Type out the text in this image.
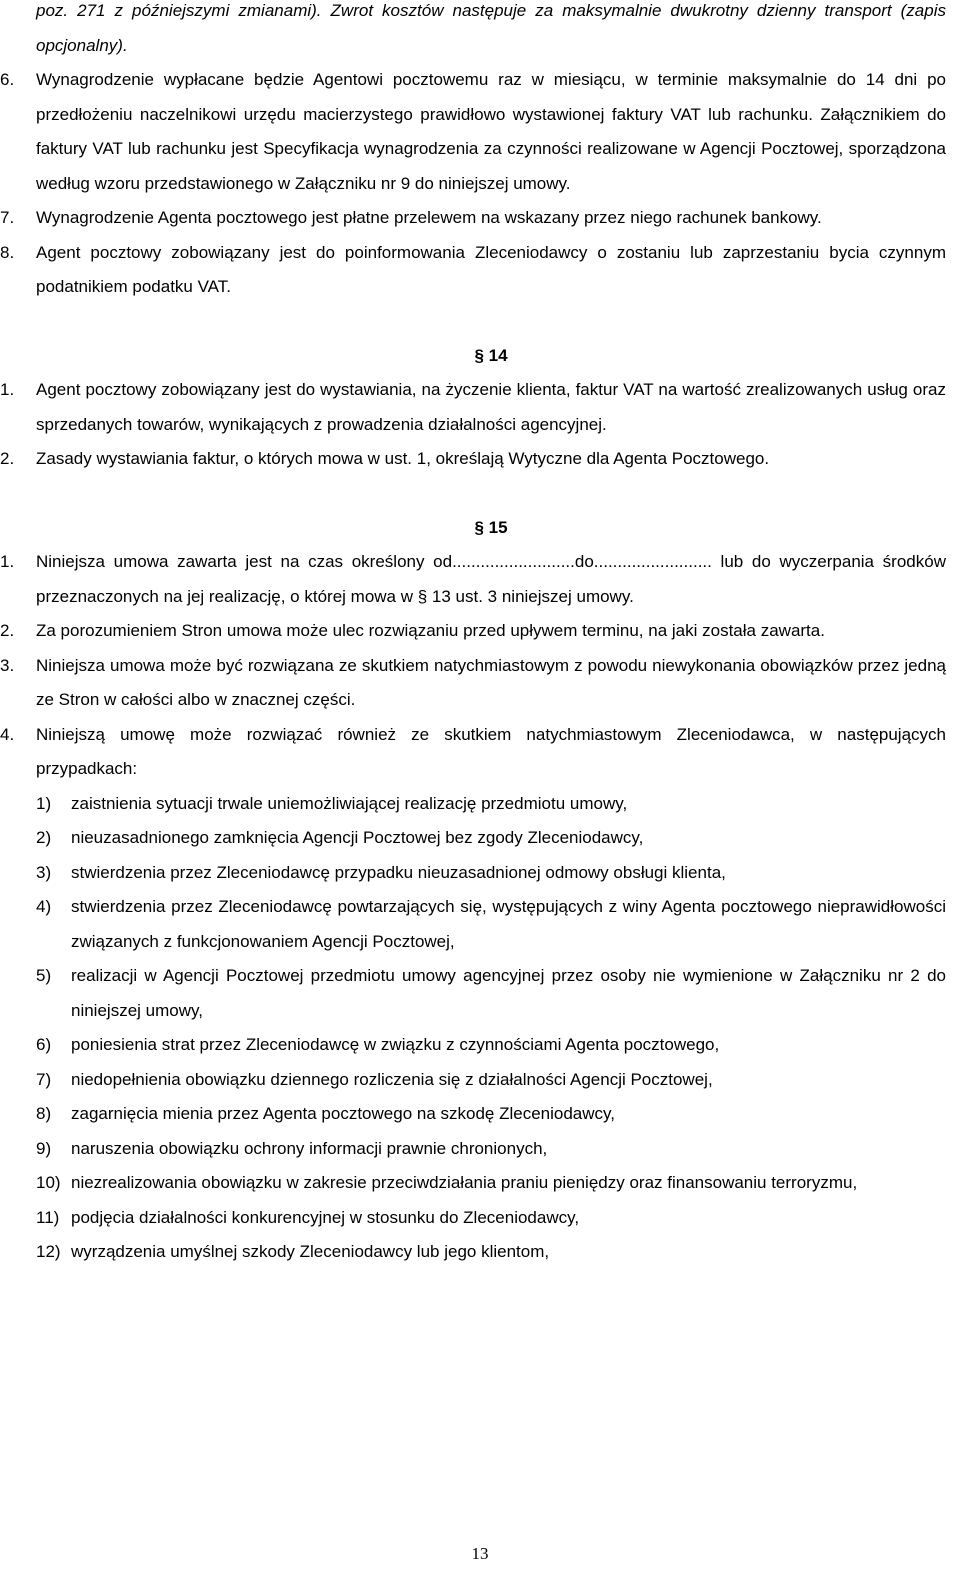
poz. 271 z późniejszymi zmianami). Zwrot kosztów następuje za maksymalnie dwukrotny dzienny transport (zapis opcjonalny).

6. Wynagrodzenie wypłacane będzie Agentowi pocztowemu raz w miesiącu, w terminie maksymalnie do 14 dni po przedłożeniu naczelnikowi urzędu macierzystego prawidłowo wystawionej faktury VAT lub rachunku. Załącznikiem do faktury VAT lub rachunku jest Specyfikacja wynagrodzenia za czynności realizowane w Agencji Pocztowej, sporządzona według wzoru przedstawionego w Załączniku nr 9 do niniejszej umowy.
7. Wynagrodzenie Agenta pocztowego jest płatne przelewem na wskazany przez niego rachunek bankowy.
8. Agent pocztowy zobowiązany jest do poinformowania Zleceniodawcy o zostaniu lub zaprzestaniu bycia czynnym podatnikiem podatku VAT.

§ 14

1. Agent pocztowy zobowiązany jest do wystawiania, na życzenie klienta, faktur VAT na wartość zrealizowanych usług oraz sprzedanych towarów, wynikających z prowadzenia działalności agencyjnej.
2. Zasady wystawiania faktur, o których mowa w ust. 1, określają Wytyczne dla Agenta Pocztowego.

§ 15

1. Niniejsza umowa zawarta jest na czas określony od..........................do......................... lub do wyczerpania środków przeznaczonych na jej realizację, o której mowa w § 13 ust. 3 niniejszej umowy.
2. Za porozumieniem Stron umowa może ulec rozwiązaniu przed upływem terminu, na jaki została zawarta.
3. Niniejsza umowa może być rozwiązana ze skutkiem natychmiastowym z powodu niewykonania obowiązków przez jedną ze Stron w całości albo w znacznej części.
4. Niniejszą umowę może rozwiązać również ze skutkiem natychmiastowym Zleceniodawca, w następujących przypadkach:
1) zaistnienia sytuacji trwale uniemożliwiającej realizację przedmiotu umowy,
2) nieuzasadnionego zamknięcia Agencji Pocztowej bez zgody Zleceniodawcy,
3) stwierdzenia przez Zleceniodawcę przypadku nieuzasadnionej odmowy obsługi klienta,
4) stwierdzenia przez Zleceniodawcę powtarzających się, występujących z winy Agenta pocztowego nieprawidłowości związanych z funkcjonowaniem Agencji Pocztowej,
5) realizacji w Agencji Pocztowej przedmiotu umowy agencyjnej przez osoby nie wymienione w Załączniku nr 2 do niniejszej umowy,
6) poniesienia strat przez Zleceniodawcę w związku z czynnościami Agenta pocztowego,
7) niedopełnienia obowiązku dziennego rozliczenia się z działalności Agencji Pocztowej,
8) zagarnięcia mienia przez Agenta pocztowego na szkodę Zleceniodawcy,
9) naruszenia obowiązku ochrony informacji prawnie chronionych,
10) niezrealizowania obowiązku w zakresie przeciwdziałania praniu pieniędzy oraz finansowaniu terroryzmu,
11) podjęcia działalności konkurencyjnej w stosunku do Zleceniodawcy,
12) wyrządzenia umyślnej szkody Zleceniodawcy lub jego klientom,
13
